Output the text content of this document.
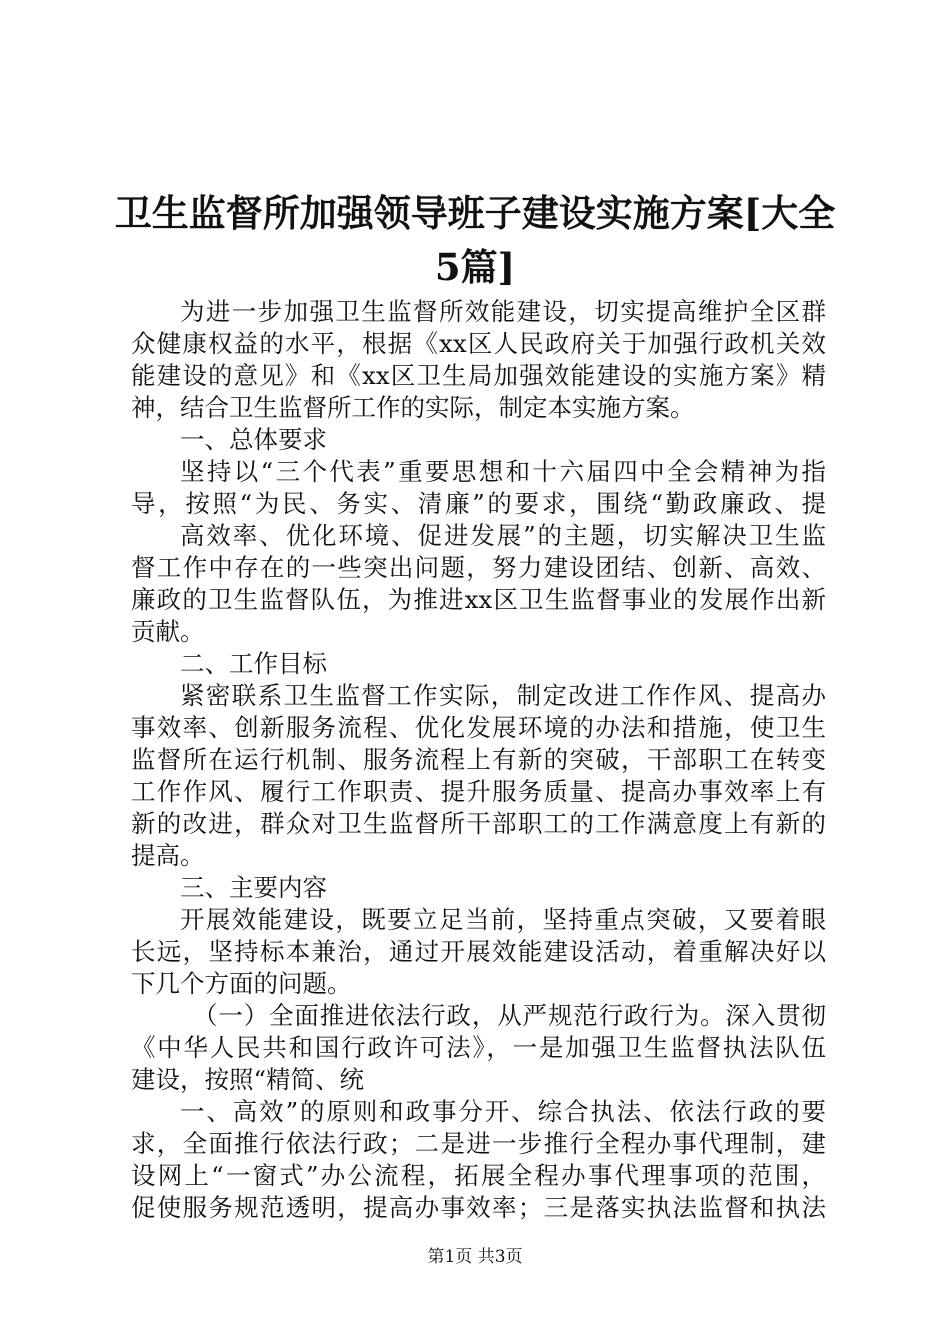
卫生监督所加强领导班子建设实施方案[大全
5篇]
为进一步加强卫生监督所效能建设，切实提高维护全区群
众健康权益的水平，根据《xx区人民政府关于加强行政机关效
能建设的意见》和《xx区卫生局加强效能建设的实施方案》精
神，结合卫生监督所工作的实际，制定本实施方案。
一、总体要求
坚持以“三个代表”重要思想和十六届四中全会精神为指
导，按照“为民、务实、清廉”的要求，围绕“勤政廉政、提
高效率、优化环境、促进发展”的主题，切实解决卫生监
督工作中存在的一些突出问题，努力建设团结、创新、高效、
廉政的卫生监督队伍，为推进xx区卫生监督事业的发展作出新
贡献。
二、工作目标
紧密联系卫生监督工作实际，制定改进工作作风、提高办
事效率、创新服务流程、优化发展环境的办法和措施，使卫生
监督所在运行机制、服务流程上有新的突破，干部职工在转变
工作作风、履行工作职责、提升服务质量、提高办事效率上有
新的改进，群众对卫生监督所干部职工的工作满意度上有新的
提高。
三、主要内容
开展效能建设，既要立足当前，坚持重点突破，又要着眼
长远，坚持标本兼治，通过开展效能建设活动，着重解决好以
下几个方面的问题。
（一）全面推进依法行政，从严规范行政行为。深入贯彻
《中华人民共和国行政许可法》，一是加强卫生监督执法队伍
建设，按照“精简、统
一、高效”的原则和政事分开、综合执法、依法行政的要
求，全面推行依法行政；二是进一步推行全程办事代理制，建
设网上“一窗式”办公流程，拓展全程办事代理事项的范围，
促使服务规范透明，提高办事效率；三是落实执法监督和执法
第1页 共3页
